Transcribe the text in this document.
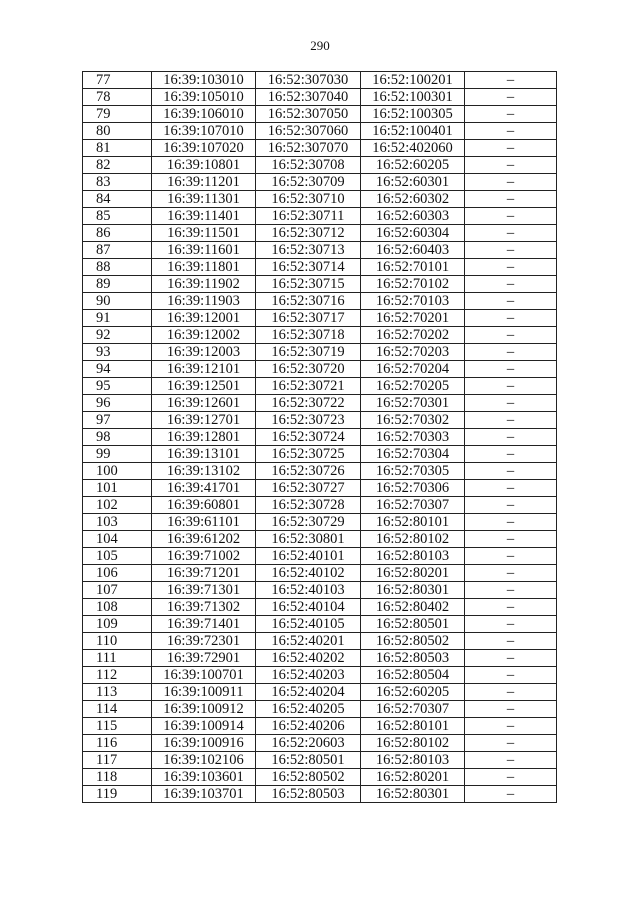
290
77	16:39:103010	16:52:307030	16:52:100201	–
78	16:39:105010	16:52:307040	16:52:100301	–
79	16:39:106010	16:52:307050	16:52:100305	–
80	16:39:107010	16:52:307060	16:52:100401	–
81	16:39:107020	16:52:307070	16:52:402060	–
82	16:39:10801	16:52:30708	16:52:60205	–
83	16:39:11201	16:52:30709	16:52:60301	–
84	16:39:11301	16:52:30710	16:52:60302	–
85	16:39:11401	16:52:30711	16:52:60303	–
86	16:39:11501	16:52:30712	16:52:60304	–
87	16:39:11601	16:52:30713	16:52:60403	–
88	16:39:11801	16:52:30714	16:52:70101	–
89	16:39:11902	16:52:30715	16:52:70102	–
90	16:39:11903	16:52:30716	16:52:70103	–
91	16:39:12001	16:52:30717	16:52:70201	–
92	16:39:12002	16:52:30718	16:52:70202	–
93	16:39:12003	16:52:30719	16:52:70203	–
94	16:39:12101	16:52:30720	16:52:70204	–
95	16:39:12501	16:52:30721	16:52:70205	–
96	16:39:12601	16:52:30722	16:52:70301	–
97	16:39:12701	16:52:30723	16:52:70302	–
98	16:39:12801	16:52:30724	16:52:70303	–
99	16:39:13101	16:52:30725	16:52:70304	–
100	16:39:13102	16:52:30726	16:52:70305	–
101	16:39:41701	16:52:30727	16:52:70306	–
102	16:39:60801	16:52:30728	16:52:70307	–
103	16:39:61101	16:52:30729	16:52:80101	–
104	16:39:61202	16:52:30801	16:52:80102	–
105	16:39:71002	16:52:40101	16:52:80103	–
106	16:39:71201	16:52:40102	16:52:80201	–
107	16:39:71301	16:52:40103	16:52:80301	–
108	16:39:71302	16:52:40104	16:52:80402	–
109	16:39:71401	16:52:40105	16:52:80501	–
110	16:39:72301	16:52:40201	16:52:80502	–
111	16:39:72901	16:52:40202	16:52:80503	–
112	16:39:100701	16:52:40203	16:52:80504	–
113	16:39:100911	16:52:40204	16:52:60205	–
114	16:39:100912	16:52:40205	16:52:70307	–
115	16:39:100914	16:52:40206	16:52:80101	–
116	16:39:100916	16:52:20603	16:52:80102	–
117	16:39:102106	16:52:80501	16:52:80103	–
118	16:39:103601	16:52:80502	16:52:80201	–
119	16:39:103701	16:52:80503	16:52:80301	–
